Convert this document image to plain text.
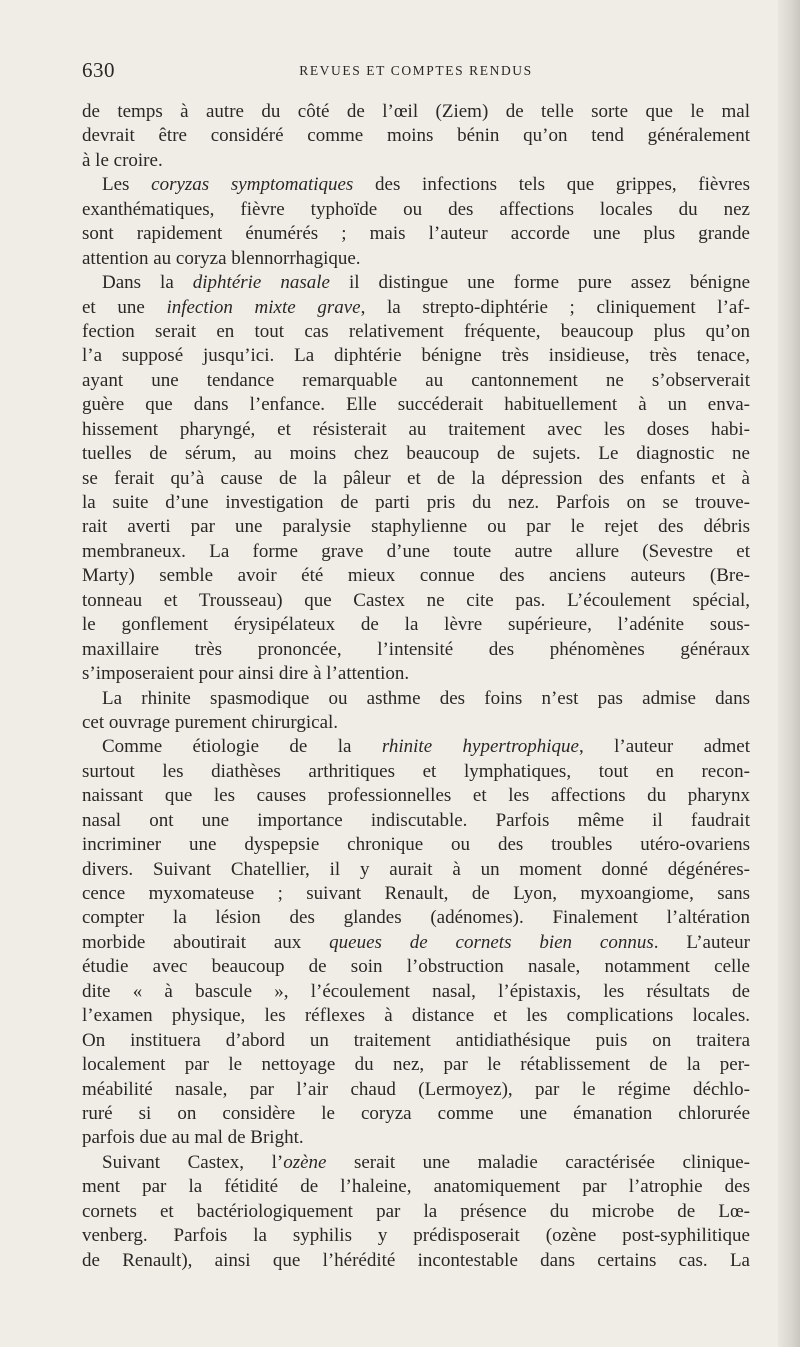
630	REVUES ET COMPTES RENDUS
de temps à autre du côté de l’œil (Ziem) de telle sorte que le mal
devrait être considéré comme moins bénin qu’on tend généralement
à le croire.
Les coryzas symptomatiques des infections tels que grippes, fièvres
exanthématiques, fièvre typhoïde ou des affections locales du nez
sont rapidement énumérés ; mais l’auteur accorde une plus grande
attention au coryza blennorrhagique.
Dans la diphtérie nasale il distingue une forme pure assez bénigne
et une infection mixte grave, la strepto-diphtérie ; cliniquement l’af-
fection serait en tout cas relativement fréquente, beaucoup plus qu’on
l’a supposé jusqu’ici. La diphtérie bénigne très insidieuse, très tenace,
ayant une tendance remarquable au cantonnement ne s’observerait
guère que dans l’enfance. Elle succéderait habituellement à un enva-
hissement pharyngé, et résisterait au traitement avec les doses habi-
tuelles de sérum, au moins chez beaucoup de sujets. Le diagnostic ne
se ferait qu’à cause de la pâleur et de la dépression des enfants et à
la suite d’une investigation de parti pris du nez. Parfois on se trouve-
rait averti par une paralysie staphylienne ou par le rejet des débris
membraneux. La forme grave d’une toute autre allure (Sevestre et
Marty) semble avoir été mieux connue des anciens auteurs (Bre-
tonneau et Trousseau) que Castex ne cite pas. L’écoulement spécial,
le gonflement érysipélateux de la lèvre supérieure, l’adénite sous-
maxillaire très prononcée, l’intensité des phénomènes généraux
s’imposeraient pour ainsi dire à l’attention.
La rhinite spasmodique ou asthme des foins n’est pas admise dans
cet ouvrage purement chirurgical.
Comme étiologie de la rhinite hypertrophique, l’auteur admet
surtout les diathèses arthritiques et lymphatiques, tout en recon-
naissant que les causes professionnelles et les affections du pharynx
nasal ont une importance indiscutable. Parfois même il faudrait
incriminer une dyspepsie chronique ou des troubles utéro-ovariens
divers. Suivant Chatellier, il y aurait à un moment donné dégénéres-
cence myxomateuse ; suivant Renault, de Lyon, myxoangiome, sans
compter la lésion des glandes (adénomes). Finalement l’altération
morbide aboutirait aux queues de cornets bien connus. L’auteur
étudie avec beaucoup de soin l’obstruction nasale, notamment celle
dite « à bascule », l’écoulement nasal, l’épistaxis, les résultats de
l’examen physique, les réflexes à distance et les complications locales.
On instituera d’abord un traitement antidiathésique puis on traitera
localement par le nettoyage du nez, par le rétablissement de la per-
méabilité nasale, par l’air chaud (Lermoyez), par le régime déchlo-
ruré si on considère le coryza comme une émanation chlorurée
parfois due au mal de Bright.
Suivant Castex, l’ozène serait une maladie caractérisée clinique-
ment par la fétidité de l’haleine, anatomiquement par l’atrophie des
cornets et bactériologiquement par la présence du microbe de Lœ-
venberg. Parfois la syphilis y prédisposerait (ozène post-syphilitique
de Renault), ainsi que l’hérédité incontestable dans certains cas. La
